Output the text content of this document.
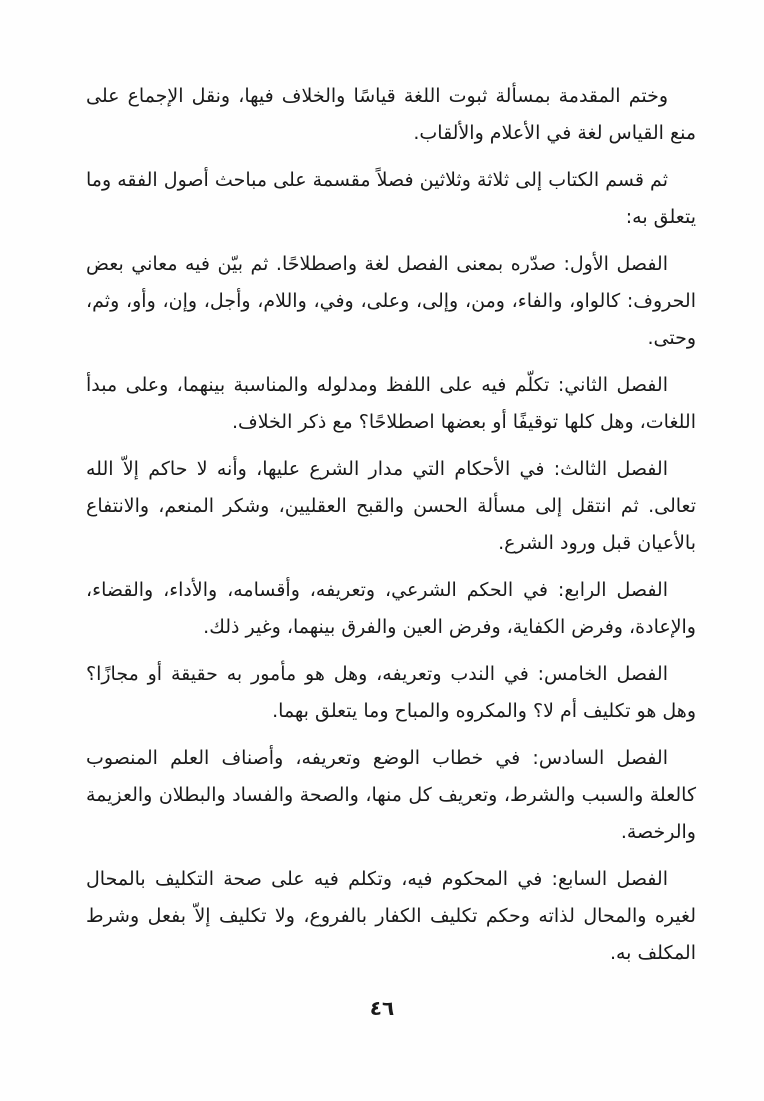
وختم المقدمة بمسألة ثبوت اللغة قياسًا والخلاف فيها، ونقل الإجماع على منع القياس لغة في الأعلام والألقاب.

ثم قسم الكتاب إلى ثلاثة وثلاثين فصلاً مقسمة على مباحث أصول الفقه وما يتعلق به:

الفصل الأول: صدّره بمعنى الفصل لغة واصطلاحًا. ثم بيّن فيه معاني بعض الحروف: كالواو، والفاء، ومن، وإلى، وعلى، وفي، واللام، وأجل، وإن، وأو، وثم، وحتى.

الفصل الثاني: تكلّم فيه على اللفظ ومدلوله والمناسبة بينهما، وعلى مبدأ اللغات، وهل كلها توقيفًا أو بعضها اصطلاحًا؟ مع ذكر الخلاف.

الفصل الثالث: في الأحكام التي مدار الشرع عليها، وأنه لا حاكم إلاّ الله تعالى. ثم انتقل إلى مسألة الحسن والقبح العقليين، وشكر المنعم، والانتفاع بالأعيان قبل ورود الشرع.

الفصل الرابع: في الحكم الشرعي، وتعريفه، وأقسامه، والأداء، والقضاء، والإعادة، وفرض الكفاية، وفرض العين والفرق بينهما، وغير ذلك.

الفصل الخامس: في الندب وتعريفه، وهل هو مأمور به حقيقة أو مجازًا؟ وهل هو تكليف أم لا؟ والمكروه والمباح وما يتعلق بهما.

الفصل السادس: في خطاب الوضع وتعريفه، وأصناف العلم المنصوب كالعلة والسبب والشرط، وتعريف كل منها، والصحة والفساد والبطلان والعزيمة والرخصة.

الفصل السابع: في المحكوم فيه، وتكلم فيه على صحة التكليف بالمحال لغيره والمحال لذاته وحكم تكليف الكفار بالفروع، ولا تكليف إلاّ بفعل وشرط المكلف به.

٤٦
